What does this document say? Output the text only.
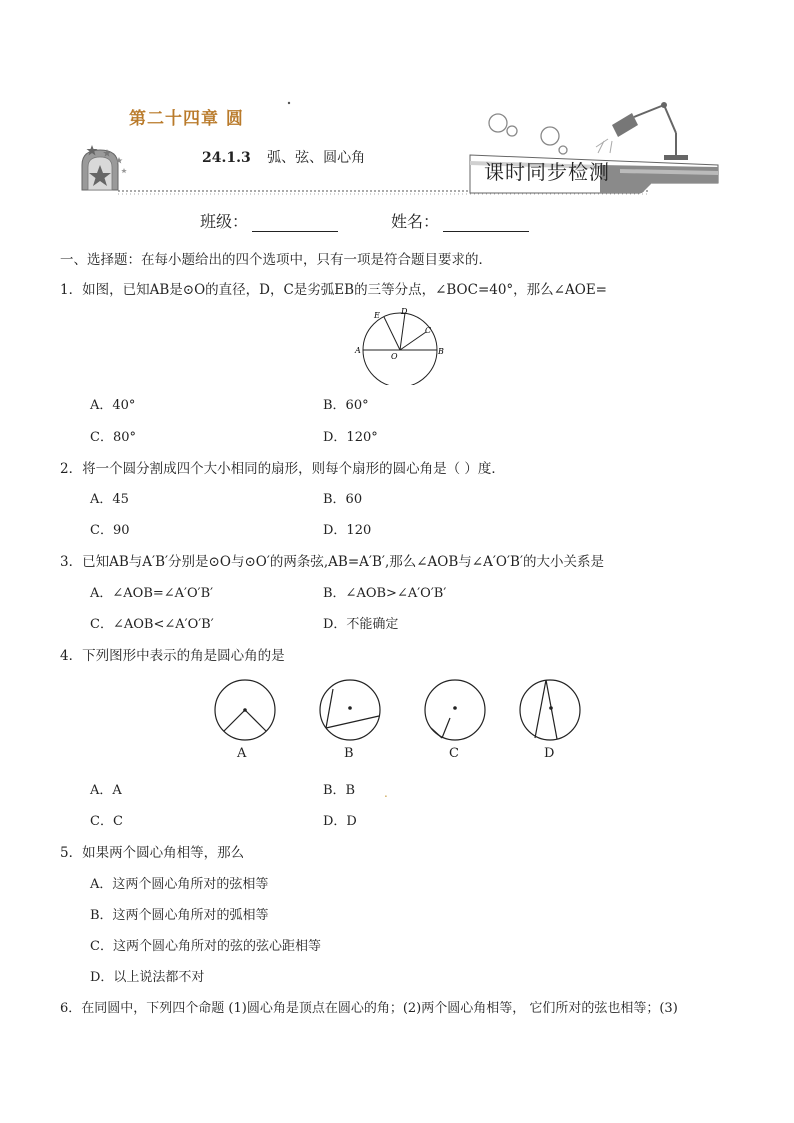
第二十四章 圆
24.1.3 弧、弦、圆心角
课时同步检测
班级：	姓名：
一、选择题：在每小题给出的四个选项中，只有一项是符合题目要求的．
1．如图，已知AB是⊙O的直径，D，C是劣弧EB的三等分点，∠BOC=40°，那么∠AOE=
A	B
O
E	D
C
A．40°	B．60°
C．80°	D．120°
2．将一个圆分割成四个大小相同的扇形，则每个扇形的圆心角是（ ）度．
A．45	B．60
C．90	D．120
3．已知AB与A′B′分别是⊙O与⊙O′的两条弦,AB=A′B′,那么∠AOB与∠A′O′B′的大小关系是
A．∠AOB=∠A′O′B′	B．∠AOB>∠A′O′B′
C．∠AOB<∠A′O′B′	D．不能确定
4．下列图形中表示的角是圆心角的是
A	B	C	D
A．A	B．B .
C．C	D．D
5．如果两个圆心角相等，那么
A．这两个圆心角所对的弦相等
B．这两个圆心角所对的弧相等
C．这两个圆心角所对的弦的弦心距相等
D．以上说法都不对
6．在同圆中，下列四个命题 (1)圆心角是顶点在圆心的角；(2)两个圆心角相等， 它们所对的弦也相等；(3)
